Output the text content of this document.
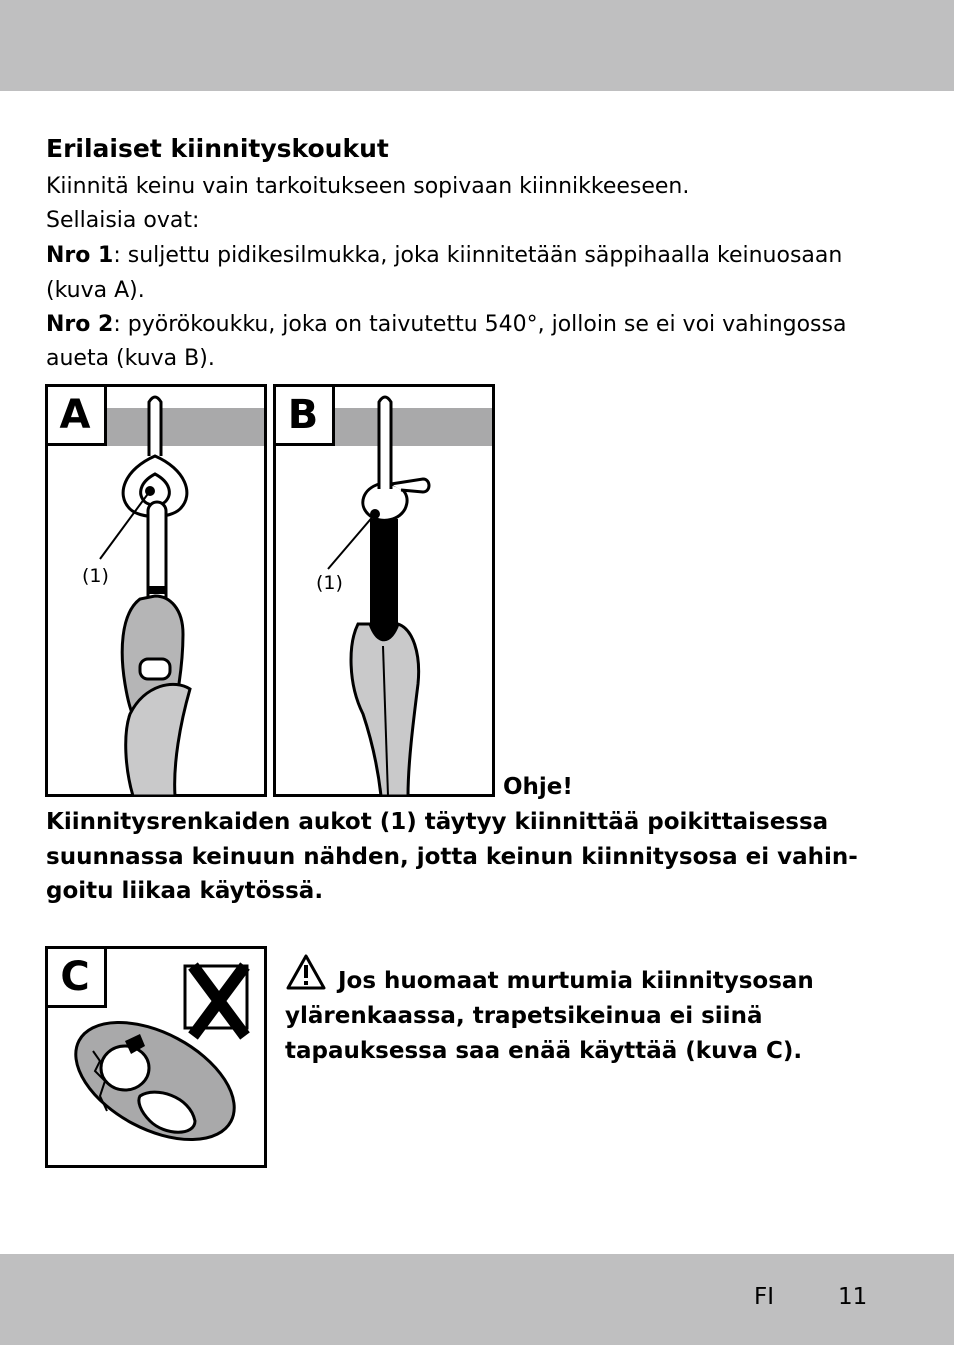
Erilaiset kiinnityskoukut
Kiinnitä keinu vain tarkoitukseen sopivaan kiinnikkeeseen.
Sellaisia ovat:
Nro 1: suljettu pidikesilmukka, joka kiinnitetään säppihaalla keinuosaan
(kuva A).
Nro 2: pyörökoukku, joka on taivutettu 540°, jolloin se ei voi vahingossa
aueta (kuva B).
A
(1)
B
(1)
Ohje!
Kiinnitysrenkaiden aukot (1) täytyy kiinnittää poikittaisessa
suunnassa keinuun nähden, jotta keinun kiinnitysosa ei vahin-
goitu liikaa käytössä.
C	Jos huomaat murtumia kiinnitysosan
ylärenkaassa, trapetsikeinua ei siinä
tapauksessa saa enää käyttää (kuva C).
FI	11
